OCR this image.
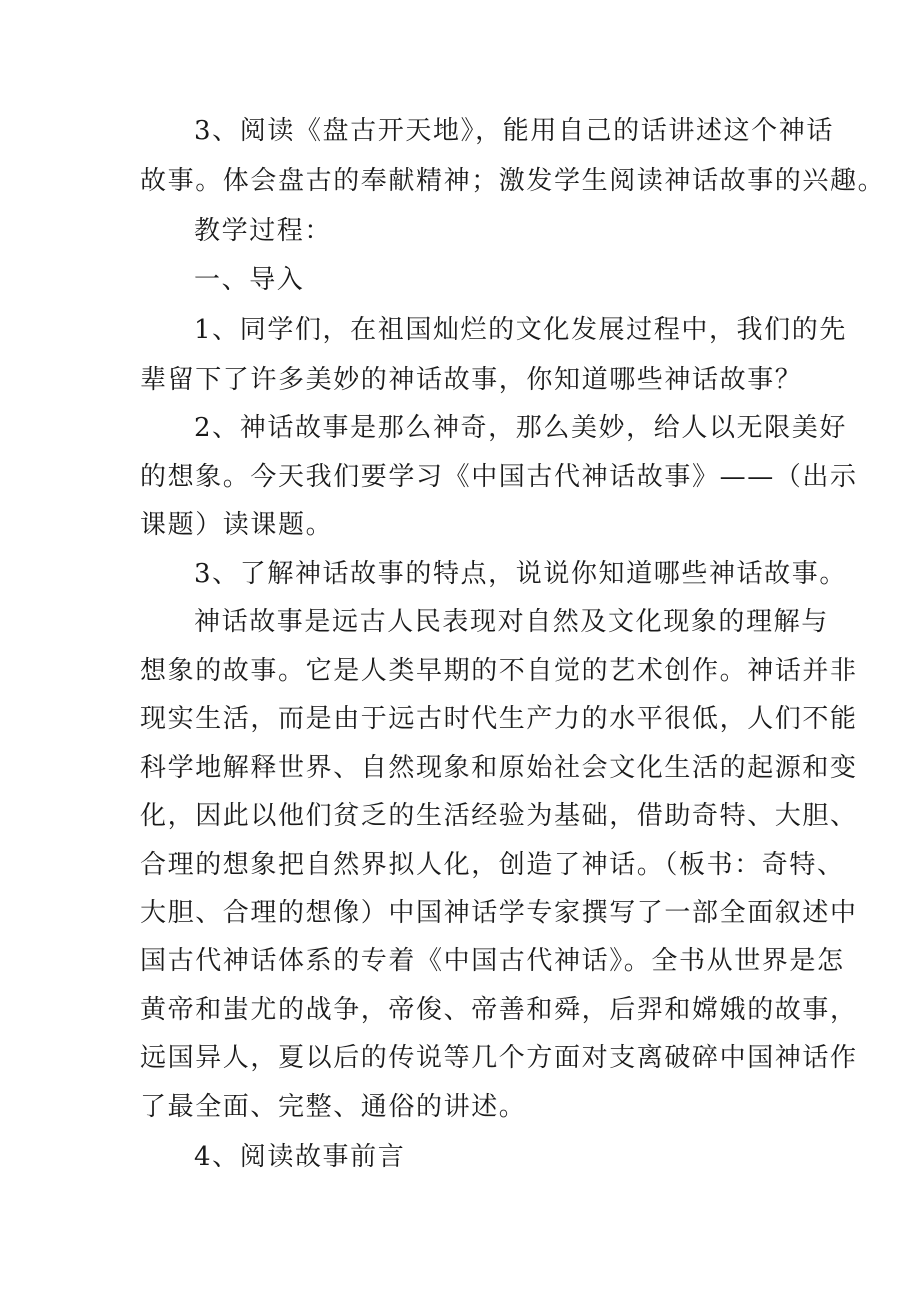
3、阅读《盘古开天地》，能用自己的话讲述这个神话
故事。体会盘古的奉献精神；激发学生阅读神话故事的兴趣。
教学过程：
一、导入
1、同学们，在祖国灿烂的文化发展过程中，我们的先
辈留下了许多美妙的神话故事，你知道哪些神话故事？
2、神话故事是那么神奇，那么美妙，给人以无限美好
的想象。今天我们要学习《中国古代神话故事》——（出示
课题）读课题。
3、了解神话故事的特点，说说你知道哪些神话故事。
神话故事是远古人民表现对自然及文化现象的理解与
想象的故事。它是人类早期的不自觉的艺术创作。神话并非
现实生活，而是由于远古时代生产力的水平很低，人们不能
科学地解释世界、自然现象和原始社会文化生活的起源和变
化，因此以他们贫乏的生活经验为基础，借助奇特、大胆、
合理的想象把自然界拟人化，创造了神话。（板书：奇特、
大胆、合理的想像）中国神话学专家撰写了一部全面叙述中
国古代神话体系的专着《中国古代神话》。全书从世界是怎
黄帝和蚩尤的战争，帝俊、帝善和舜，后羿和嫦娥的故事，
远国异人，夏以后的传说等几个方面对支离破碎中国神话作
了最全面、完整、通俗的讲述。
4、阅读故事前言
